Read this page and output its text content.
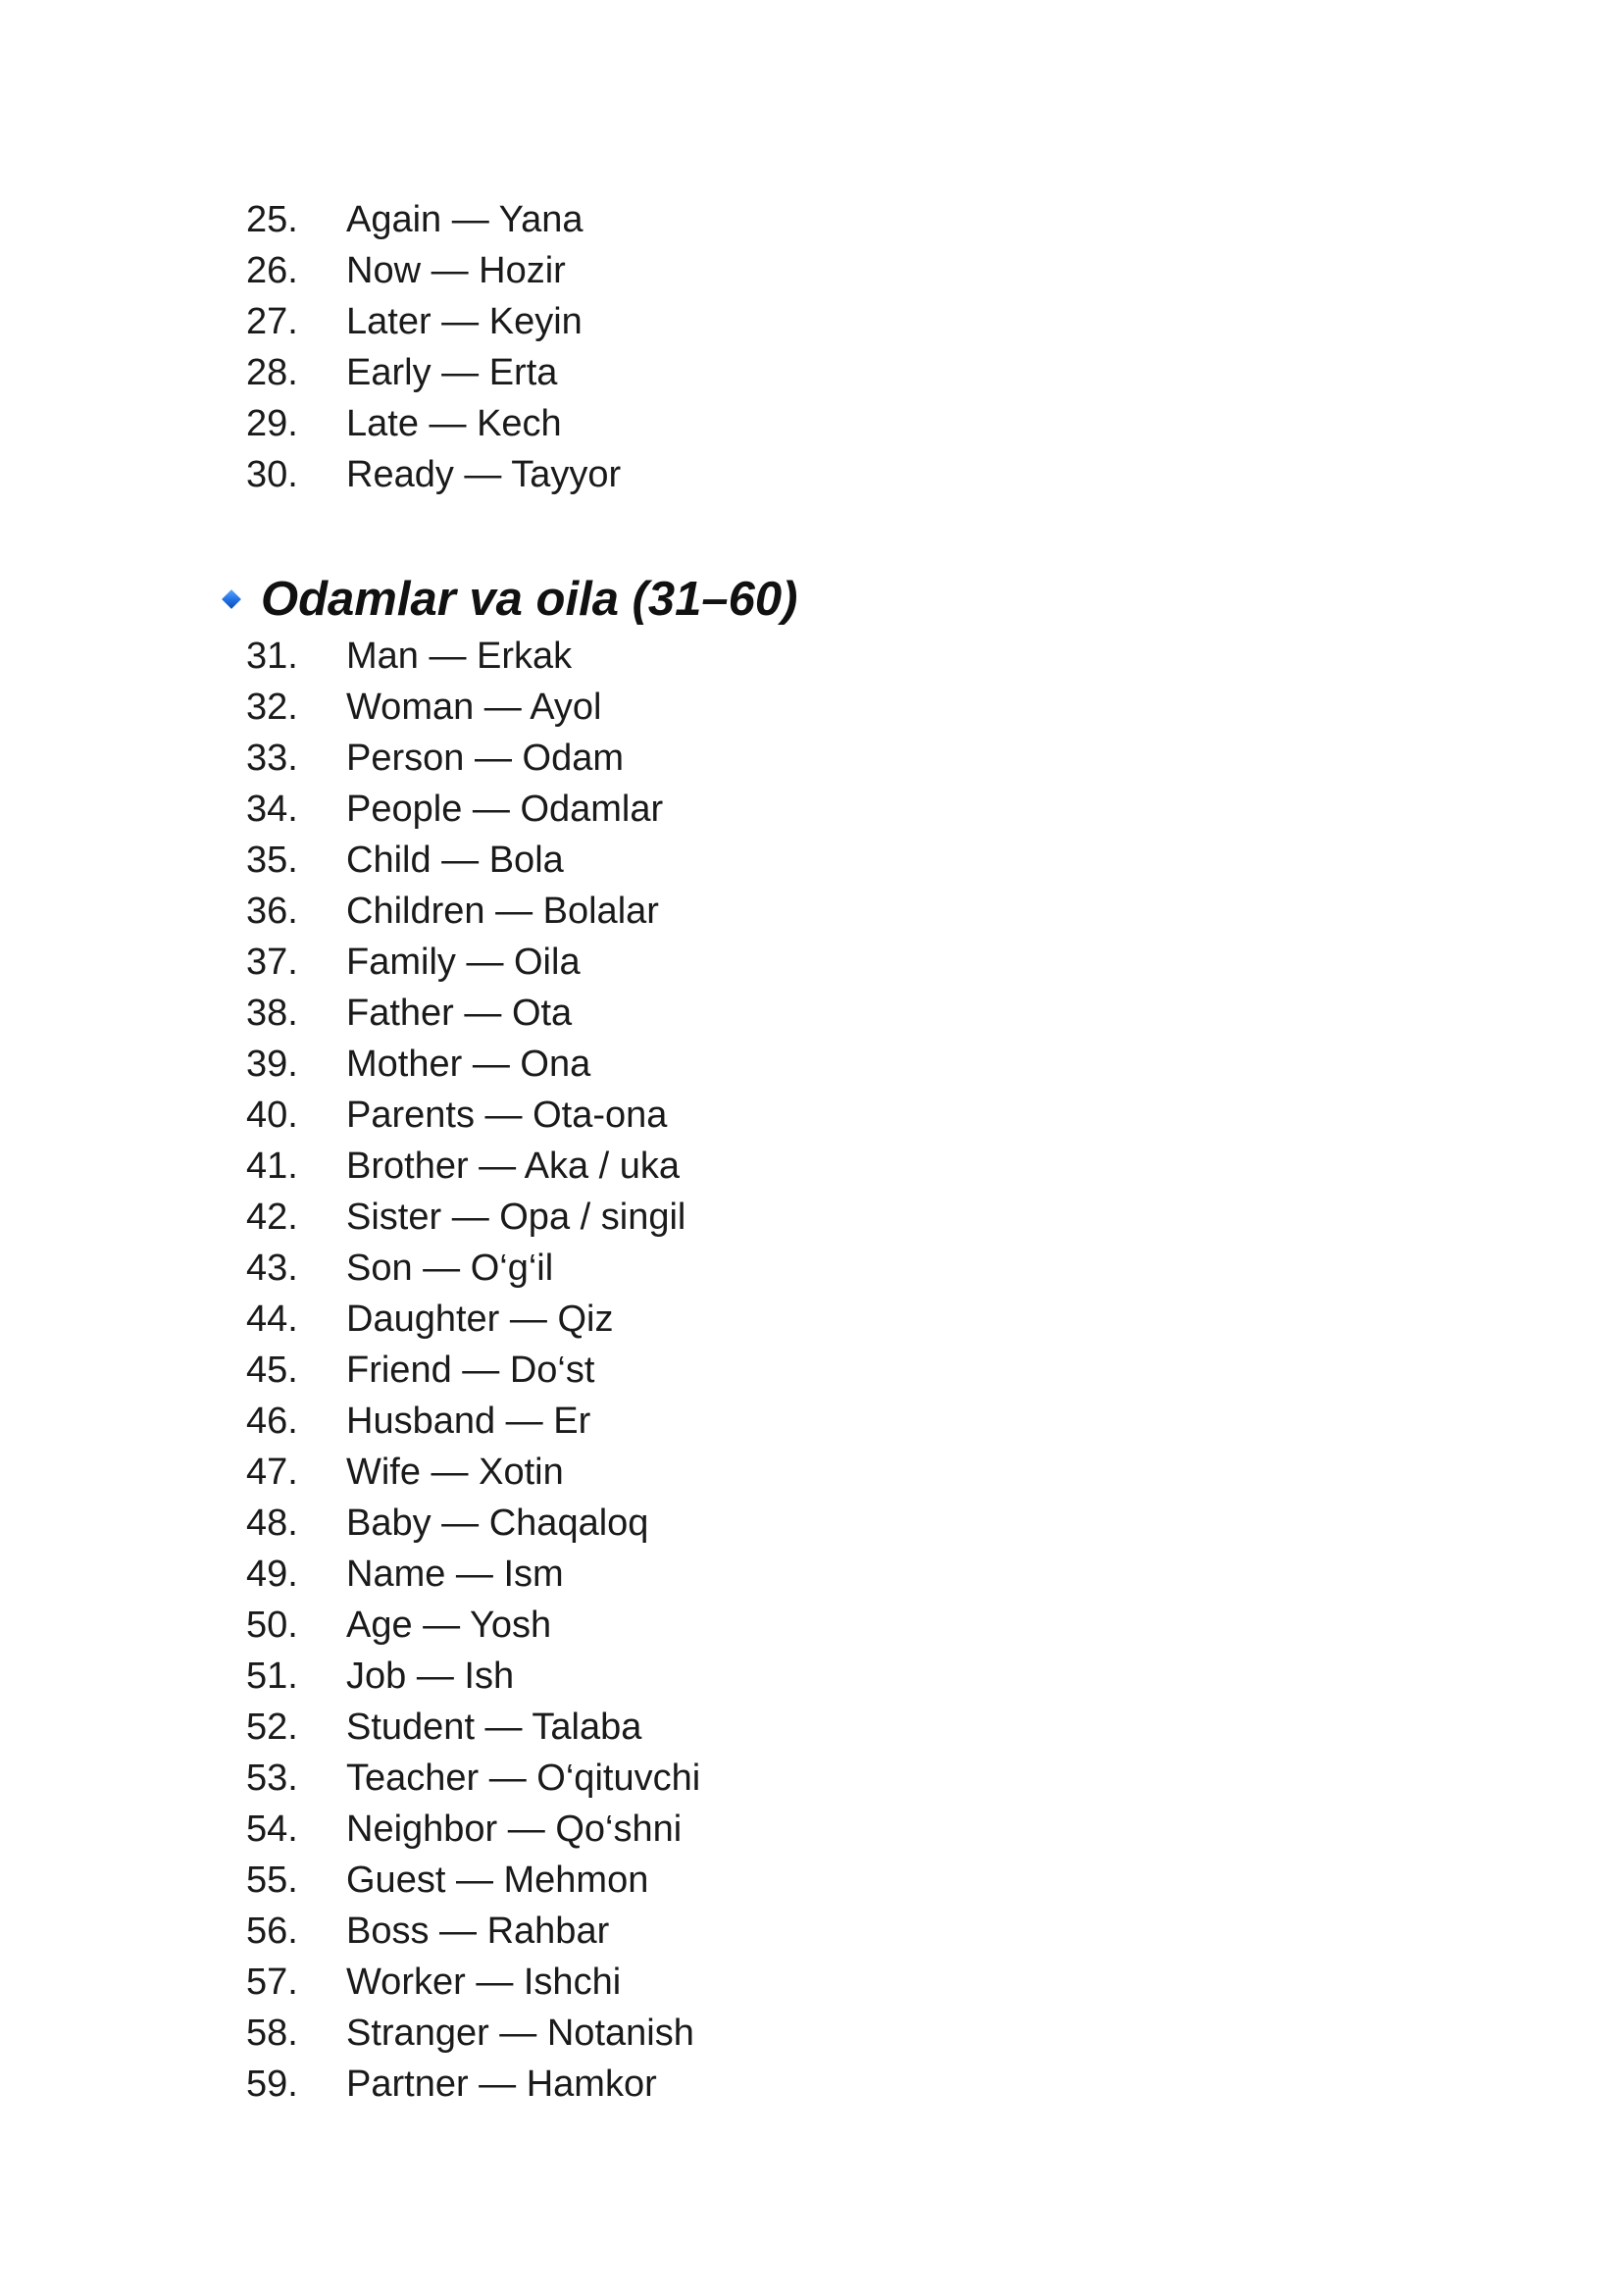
25. Again — Yana
26. Now — Hozir
27. Later — Keyin
28. Early — Erta
29. Late — Kech
30. Ready — Tayyor
Odamlar va oila (31–60)
31. Man — Erkak
32. Woman — Ayol
33. Person — Odam
34. People — Odamlar
35. Child — Bola
36. Children — Bolalar
37. Family — Oila
38. Father — Ota
39. Mother — Ona
40. Parents — Ota-ona
41. Brother — Aka / uka
42. Sister — Opa / singil
43. Son — O‘g‘il
44. Daughter — Qiz
45. Friend — Do‘st
46. Husband — Er
47. Wife — Xotin
48. Baby — Chaqaloq
49. Name — Ism
50. Age — Yosh
51. Job — Ish
52. Student — Talaba
53. Teacher — O‘qituvchi
54. Neighbor — Qo‘shni
55. Guest — Mehmon
56. Boss — Rahbar
57. Worker — Ishchi
58. Stranger — Notanish
59. Partner — Hamkor
